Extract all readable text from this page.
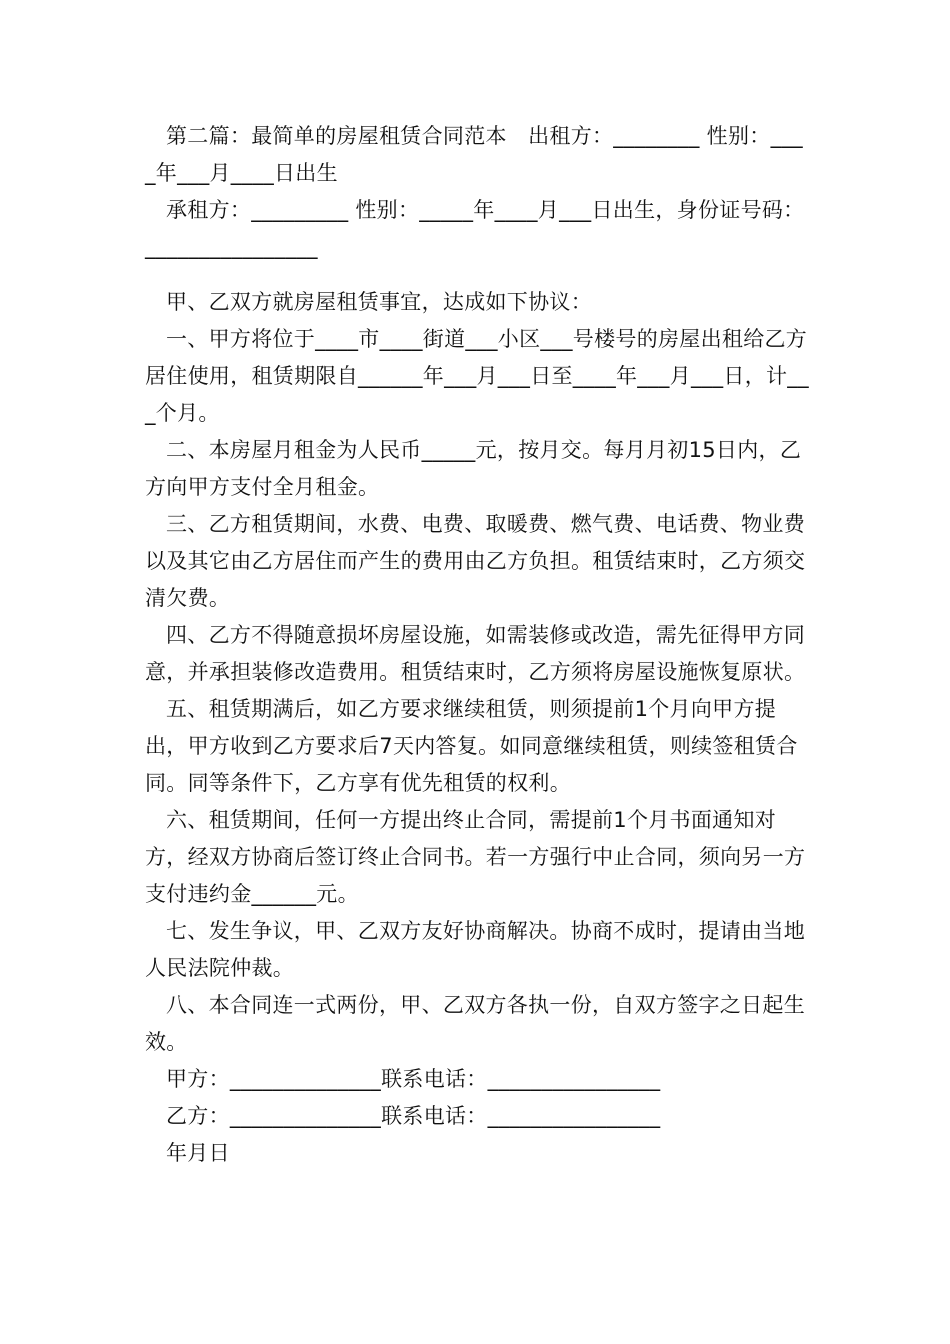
第二篇：最简单的房屋租赁合同范本　出租方：________ 性别：____年___月____日出生

承租方：_________ 性别：_____年____月___日出生，身份证号码：________________

甲、乙双方就房屋租赁事宜，达成如下协议：

一、甲方将位于____市____街道___小区___号楼号的房屋出租给乙方居住使用，租赁期限自______年___月___日至____年___月___日，计___个月。

二、本房屋月租金为人民币_____元，按月交。每月月初15日内，乙方向甲方支付全月租金。

三、乙方租赁期间，水费、电费、取暖费、燃气费、电话费、物业费以及其它由乙方居住而产生的费用由乙方负担。租赁结束时，乙方须交清欠费。

四、乙方不得随意损坏房屋设施，如需装修或改造，需先征得甲方同意，并承担装修改造费用。租赁结束时，乙方须将房屋设施恢复原状。

五、租赁期满后，如乙方要求继续租赁，则须提前1个月向甲方提出，甲方收到乙方要求后7天内答复。如同意继续租赁，则续签租赁合同。同等条件下，乙方享有优先租赁的权利。

六、租赁期间，任何一方提出终止合同，需提前1个月书面通知对方，经双方协商后签订终止合同书。若一方强行中止合同，须向另一方支付违约金______元。

七、发生争议，甲、乙双方友好协商解决。协商不成时，提请由当地人民法院仲裁。

八、本合同连一式两份，甲、乙双方各执一份，自双方签字之日起生效。

甲方：______________联系电话：________________

乙方：______________联系电话：________________

年月日
